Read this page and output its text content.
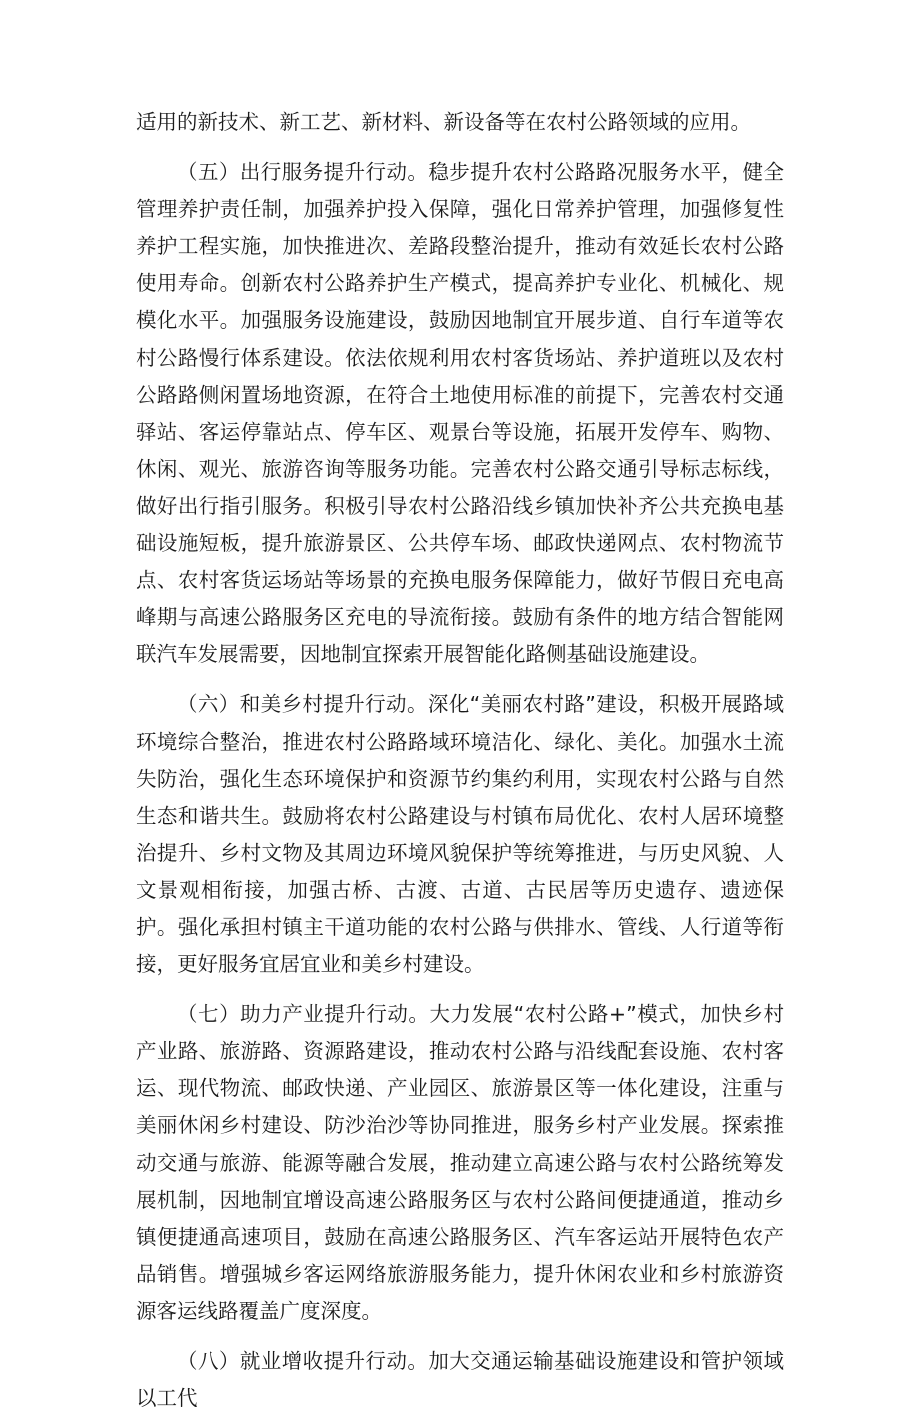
适用的新技术、新工艺、新材料、新设备等在农村公路领域的应用。

（五）出行服务提升行动。稳步提升农村公路路况服务水平，健全管理养护责任制，加强养护投入保障，强化日常养护管理，加强修复性养护工程实施，加快推进次、差路段整治提升，推动有效延长农村公路使用寿命。创新农村公路养护生产模式，提高养护专业化、机械化、规模化水平。加强服务设施建设，鼓励因地制宜开展步道、自行车道等农村公路慢行体系建设。依法依规利用农村客货场站、养护道班以及农村公路路侧闲置场地资源，在符合土地使用标准的前提下，完善农村交通驿站、客运停靠站点、停车区、观景台等设施，拓展开发停车、购物、休闲、观光、旅游咨询等服务功能。完善农村公路交通引导标志标线，做好出行指引服务。积极引导农村公路沿线乡镇加快补齐公共充换电基础设施短板，提升旅游景区、公共停车场、邮政快递网点、农村物流节点、农村客货运场站等场景的充换电服务保障能力，做好节假日充电高峰期与高速公路服务区充电的导流衔接。鼓励有条件的地方结合智能网联汽车发展需要，因地制宜探索开展智能化路侧基础设施建设。

（六）和美乡村提升行动。深化“美丽农村路”建设，积极开展路域环境综合整治，推进农村公路路域环境洁化、绿化、美化。加强水土流失防治，强化生态环境保护和资源节约集约利用，实现农村公路与自然生态和谐共生。鼓励将农村公路建设与村镇布局优化、农村人居环境整治提升、乡村文物及其周边环境风貌保护等统筹推进，与历史风貌、人文景观相衔接，加强古桥、古渡、古道、古民居等历史遗存、遗迹保护。强化承担村镇主干道功能的农村公路与供排水、管线、人行道等衔接，更好服务宜居宜业和美乡村建设。

（七）助力产业提升行动。大力发展“农村公路+”模式，加快乡村产业路、旅游路、资源路建设，推动农村公路与沿线配套设施、农村客运、现代物流、邮政快递、产业园区、旅游景区等一体化建设，注重与美丽休闲乡村建设、防沙治沙等协同推进，服务乡村产业发展。探索推动交通与旅游、能源等融合发展，推动建立高速公路与农村公路统筹发展机制，因地制宜增设高速公路服务区与农村公路间便捷通道，推动乡镇便捷通高速项目，鼓励在高速公路服务区、汽车客运站开展特色农产品销售。增强城乡客运网络旅游服务能力，提升休闲农业和乡村旅游资源客运线路覆盖广度深度。

（八）就业增收提升行动。加大交通运输基础设施建设和管护领域以工代
